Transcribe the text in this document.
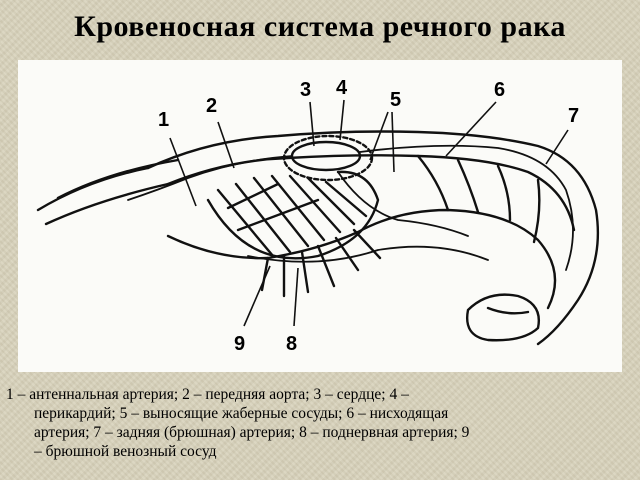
Кровеносная система речного рака
1
2
3 4
5	6
7
8
9
1 – антеннальная артерия; 2 – передняя аорта; 3 – сердце; 4 –
перикардий; 5 – выносящие жаберные сосуды; 6 – нисходящая
артерия; 7 – задняя (брюшная) артерия; 8 – поднервная артерия; 9
– брюшной венозный сосуд
